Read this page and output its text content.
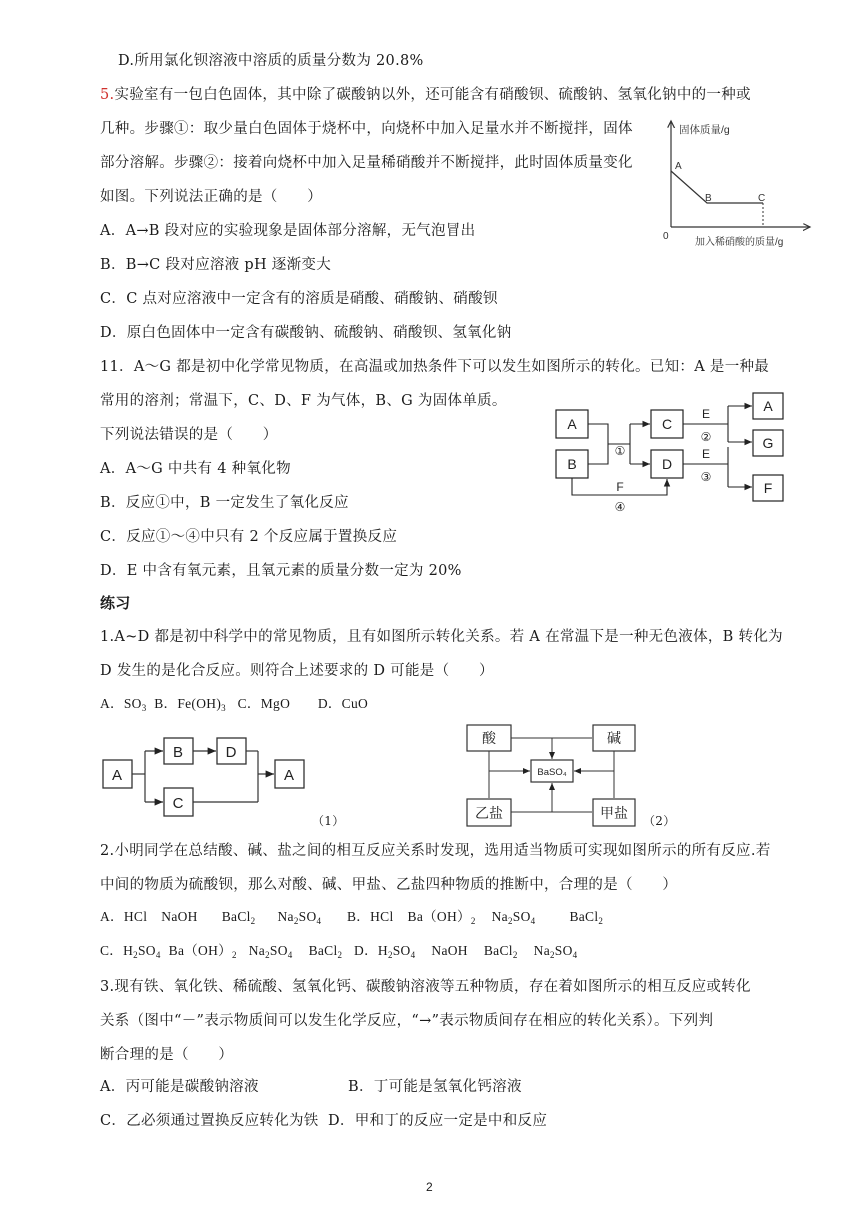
D.所用氯化钡溶液中溶质的质量分数为 20.8%
5.实验室有一包白色固体，其中除了碳酸钠以外，还可能含有硝酸钡、硫酸钠、氢氧化钠中的一种或
几种。步骤①：取少量白色固体于烧杯中，向烧杯中加入足量水并不断搅拌，固体
部分溶解。步骤②：接着向烧杯中加入足量稀硝酸并不断搅拌，此时固体质量变化
如图。下列说法正确的是（　　）
A．A→B 段对应的实验现象是固体部分溶解，无气泡冒出
B．B→C 段对应溶液 pH 逐渐变大
C．C 点对应溶液中一定含有的溶质是硝酸、硝酸钠、硝酸钡
D．原白色固体中一定含有碳酸钠、硫酸钠、硝酸钡、氢氧化钠
固体质量/g
0
加入稀硝酸的质量/g
A
B	C
11．A～G 都是初中化学常见物质，在高温或加热条件下可以发生如图所示的转化。已知：A 是一种最
常用的溶剂；常温下，C、D、F 为气体，B、G 为固体单质。
下列说法错误的是（　　）
A．A～G 中共有 4 种氧化物
B．反应①中，B 一定发生了氧化反应
C．反应①～④中只有 2 个反应属于置换反应
D．E 中含有氧元素，且氧元素的质量分数一定为 20%
A
B
C
D
A
G
F
①
E
②
E
③
F
④
练习
1.A~D 都是初中科学中的常见物质，且有如图所示转化关系。若 A 在常温下是一种无色液体，B 转化为
D 发生的是化合反应。则符合上述要求的 D 可能是（　　）
A．$SO_3$ B．$Fe(OH)_3$ C．MgO D．CuO
A
B	D
C
A
（1）
酸	碱
BaSO₄
乙盐	甲盐 （2）
2.小明同学在总结酸、碱、盐之间的相互反应关系时发现，选用适当物质可实现如图所示的所有反应.若
中间的物质为硫酸钡，那么对酸、碱、甲盐、乙盐四种物质的推断中，合理的是（　　）
A．HCl NaOH BaCl$_2$ $Na_2SO_4$ B．HCl $Ba(OH)_2$ $Na_2SO_4$	BaCl$_2$
C．$H_2SO_4$ $Ba(OH)_2$ $Na_2SO_4$ BaCl$_2$ D．$H_2SO_4$ NaOH BaCl$_2$ $Na_2SO_4$
3.现有铁、氧化铁、稀硫酸、氢氧化钙、碳酸钠溶液等五种物质，存在着如图所示的相互反应或转化
关系（图中“－”表示物质间可以发生化学反应，“→”表示物质间存在相应的转化关系）。下列判
断合理的是（　　）
A．丙可能是碳酸钠溶液	B．丁可能是氢氧化钙溶液
C．乙必须通过置换反应转化为铁 D．甲和丁的反应一定是中和反应
2
